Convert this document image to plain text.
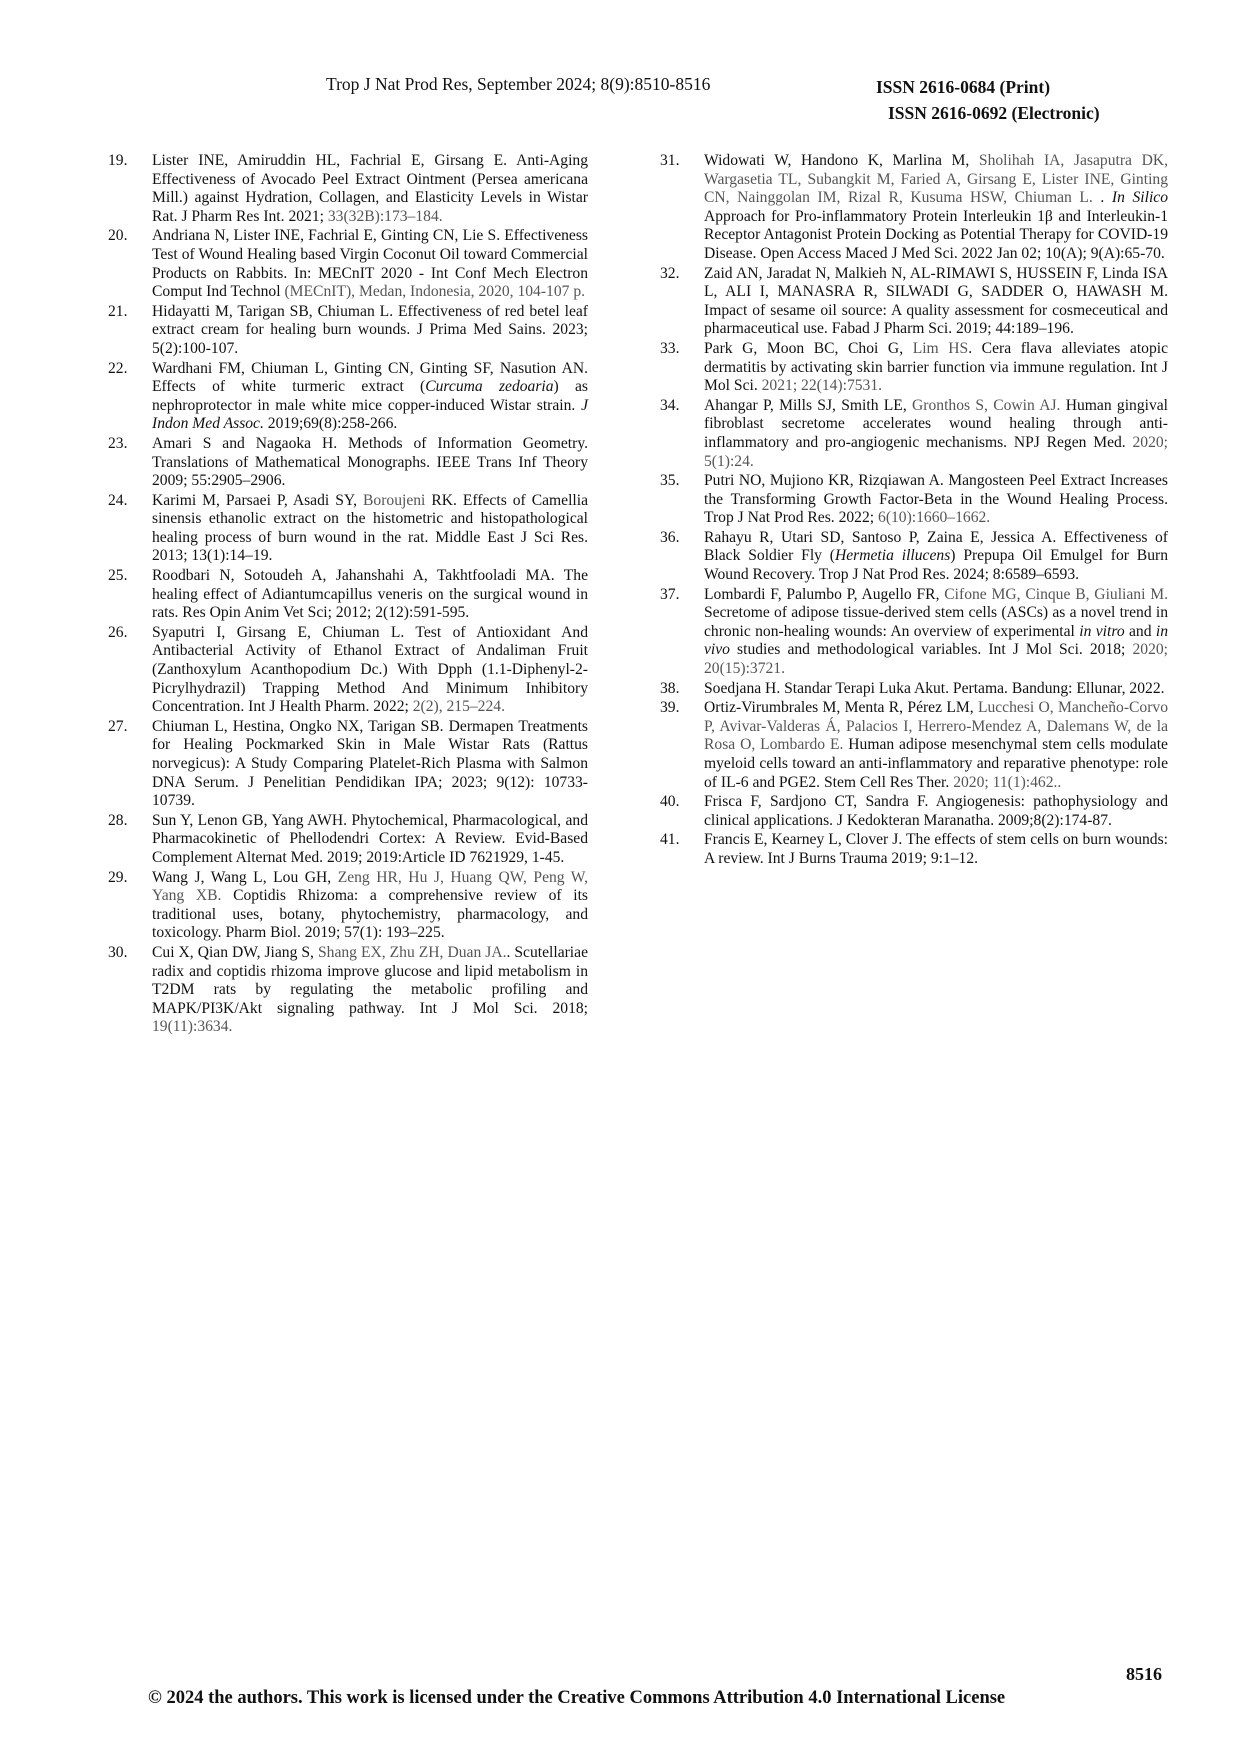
Trop J Nat Prod Res, September 2024; 8(9):8510-8516	ISSN 2616-0684 (Print)
ISSN 2616-0692 (Electronic)
19.	Lister INE, Amiruddin HL, Fachrial E, Girsang E. Anti-Aging Effectiveness of Avocado Peel Extract Ointment (Persea americana Mill.) against Hydration, Collagen, and Elasticity Levels in Wistar Rat. J Pharm Res Int. 2021; 33(32B):173–184.
20.	Andriana N, Lister INE, Fachrial E, Ginting CN, Lie S. Effectiveness Test of Wound Healing based Virgin Coconut Oil toward Commercial Products on Rabbits. In: MECnIT 2020 - Int Conf Mech Electron Comput Ind Technol (MECnIT), Medan, Indonesia, 2020, 104-107 p.
21.	Hidayatti M, Tarigan SB, Chiuman L. Effectiveness of red betel leaf extract cream for healing burn wounds. J Prima Med Sains. 2023; 5(2):100-107.
22.	Wardhani FM, Chiuman L, Ginting CN, Ginting SF, Nasution AN. Effects of white turmeric extract (Curcuma zedoaria) as nephroprotector in male white mice copper-induced Wistar strain. J Indon Med Assoc. 2019;69(8):258-266.
23.	Amari S and Nagaoka H. Methods of Information Geometry. Translations of Mathematical Monographs. IEEE Trans Inf Theory 2009; 55:2905–2906.
24.	Karimi M, Parsaei P, Asadi SY, Boroujeni RK. Effects of Camellia sinensis ethanolic extract on the histometric and histopathological healing process of burn wound in the rat. Middle East J Sci Res. 2013; 13(1):14–19.
25.	Roodbari N, Sotoudeh A, Jahanshahi A, Takhtfooladi MA. The healing effect of Adiantumcapillus veneris on the surgical wound in rats. Res Opin Anim Vet Sci; 2012; 2(12):591-595.
26.	Syaputri I, Girsang E, Chiuman L. Test of Antioxidant And Antibacterial Activity of Ethanol Extract of Andaliman Fruit (Zanthoxylum Acanthopodium Dc.) With Dpph (1.1-Diphenyl-2-Picrylhydrazil) Trapping Method And Minimum Inhibitory Concentration. Int J Health Pharm. 2022; 2(2), 215–224.
27.	Chiuman L, Hestina, Ongko NX, Tarigan SB. Dermapen Treatments for Healing Pockmarked Skin in Male Wistar Rats (Rattus norvegicus): A Study Comparing Platelet-Rich Plasma with Salmon DNA Serum. J Penelitian Pendidikan IPA; 2023; 9(12): 10733-10739.
28.	Sun Y, Lenon GB, Yang AWH. Phytochemical, Pharmacological, and Pharmacokinetic of Phellodendri Cortex: A Review. Evid-Based Complement Alternat Med. 2019; 2019:Article ID 7621929, 1-45.
29.	Wang J, Wang L, Lou GH, Zeng HR, Hu J, Huang QW, Peng W, Yang XB. Coptidis Rhizoma: a comprehensive review of its traditional uses, botany, phytochemistry, pharmacology, and toxicology. Pharm Biol. 2019; 57(1): 193–225.
30.	Cui X, Qian DW, Jiang S, Shang EX, Zhu ZH, Duan JA.. Scutellariae radix and coptidis rhizoma improve glucose and lipid metabolism in T2DM rats by regulating the metabolic profiling and MAPK/PI3K/Akt signaling pathway. Int J Mol Sci. 2018; 19(11):3634.
31.	Widowati W, Handono K, Marlina M, Sholihah IA, Jasaputra DK, Wargasetia TL, Subangkit M, Faried A, Girsang E, Lister INE, Ginting CN, Nainggolan IM, Rizal R, Kusuma HSW, Chiuman L. . In Silico Approach for Pro-inflammatory Protein Interleukin 1β and Interleukin-1 Receptor Antagonist Protein Docking as Potential Therapy for COVID-19 Disease. Open Access Maced J Med Sci. 2022 Jan 02; 10(A); 9(A):65-70.
32.	Zaid AN, Jaradat N, Malkieh N, AL-RIMAWI S, HUSSEIN F, Linda ISA L, ALI I, MANASRA R, SILWADI G, SADDER O, HAWASH M. Impact of sesame oil source: A quality assessment for cosmeceutical and pharmaceutical use. Fabad J Pharm Sci. 2019; 44:189–196.
33.	Park G, Moon BC, Choi G, Lim HS. Cera flava alleviates atopic dermatitis by activating skin barrier function via immune regulation. Int J Mol Sci. 2021; 22(14):7531.
34.	Ahangar P, Mills SJ, Smith LE, Gronthos S, Cowin AJ. Human gingival fibroblast secretome accelerates wound healing through anti-inflammatory and pro-angiogenic mechanisms. NPJ Regen Med. 2020; 5(1):24.
35.	Putri NO, Mujiono KR, Rizqiawan A. Mangosteen Peel Extract Increases the Transforming Growth Factor-Beta in the Wound Healing Process. Trop J Nat Prod Res. 2022; 6(10):1660–1662.
36.	Rahayu R, Utari SD, Santoso P, Zaina E, Jessica A. Effectiveness of Black Soldier Fly (Hermetia illucens) Prepupa Oil Emulgel for Burn Wound Recovery. Trop J Nat Prod Res. 2024; 8:6589–6593.
37.	Lombardi F, Palumbo P, Augello FR, Cifone MG, Cinque B, Giuliani M. Secretome of adipose tissue-derived stem cells (ASCs) as a novel trend in chronic non-healing wounds: An overview of experimental in vitro and in vivo studies and methodological variables. Int J Mol Sci. 2018; 2020; 20(15):3721.
38.	Soedjana H. Standar Terapi Luka Akut. Pertama. Bandung: Ellunar, 2022.
39.	Ortiz-Virumbrales M, Menta R, Pérez LM, Lucchesi O, Mancheño-Corvo P, Avivar-Valderas Á, Palacios I, Herrero-Mendez A, Dalemans W, de la Rosa O, Lombardo E. Human adipose mesenchymal stem cells modulate myeloid cells toward an anti-inflammatory and reparative phenotype: role of IL-6 and PGE2. Stem Cell Res Ther. 2020; 11(1):462..
40.	Frisca F, Sardjono CT, Sandra F. Angiogenesis: pathophysiology and clinical applications. J Kedokteran Maranatha. 2009;8(2):174-87.
41.	Francis E, Kearney L, Clover J. The effects of stem cells on burn wounds: A review. Int J Burns Trauma 2019; 9:1–12.
8516
© 2024 the authors. This work is licensed under the Creative Commons Attribution 4.0 International License
